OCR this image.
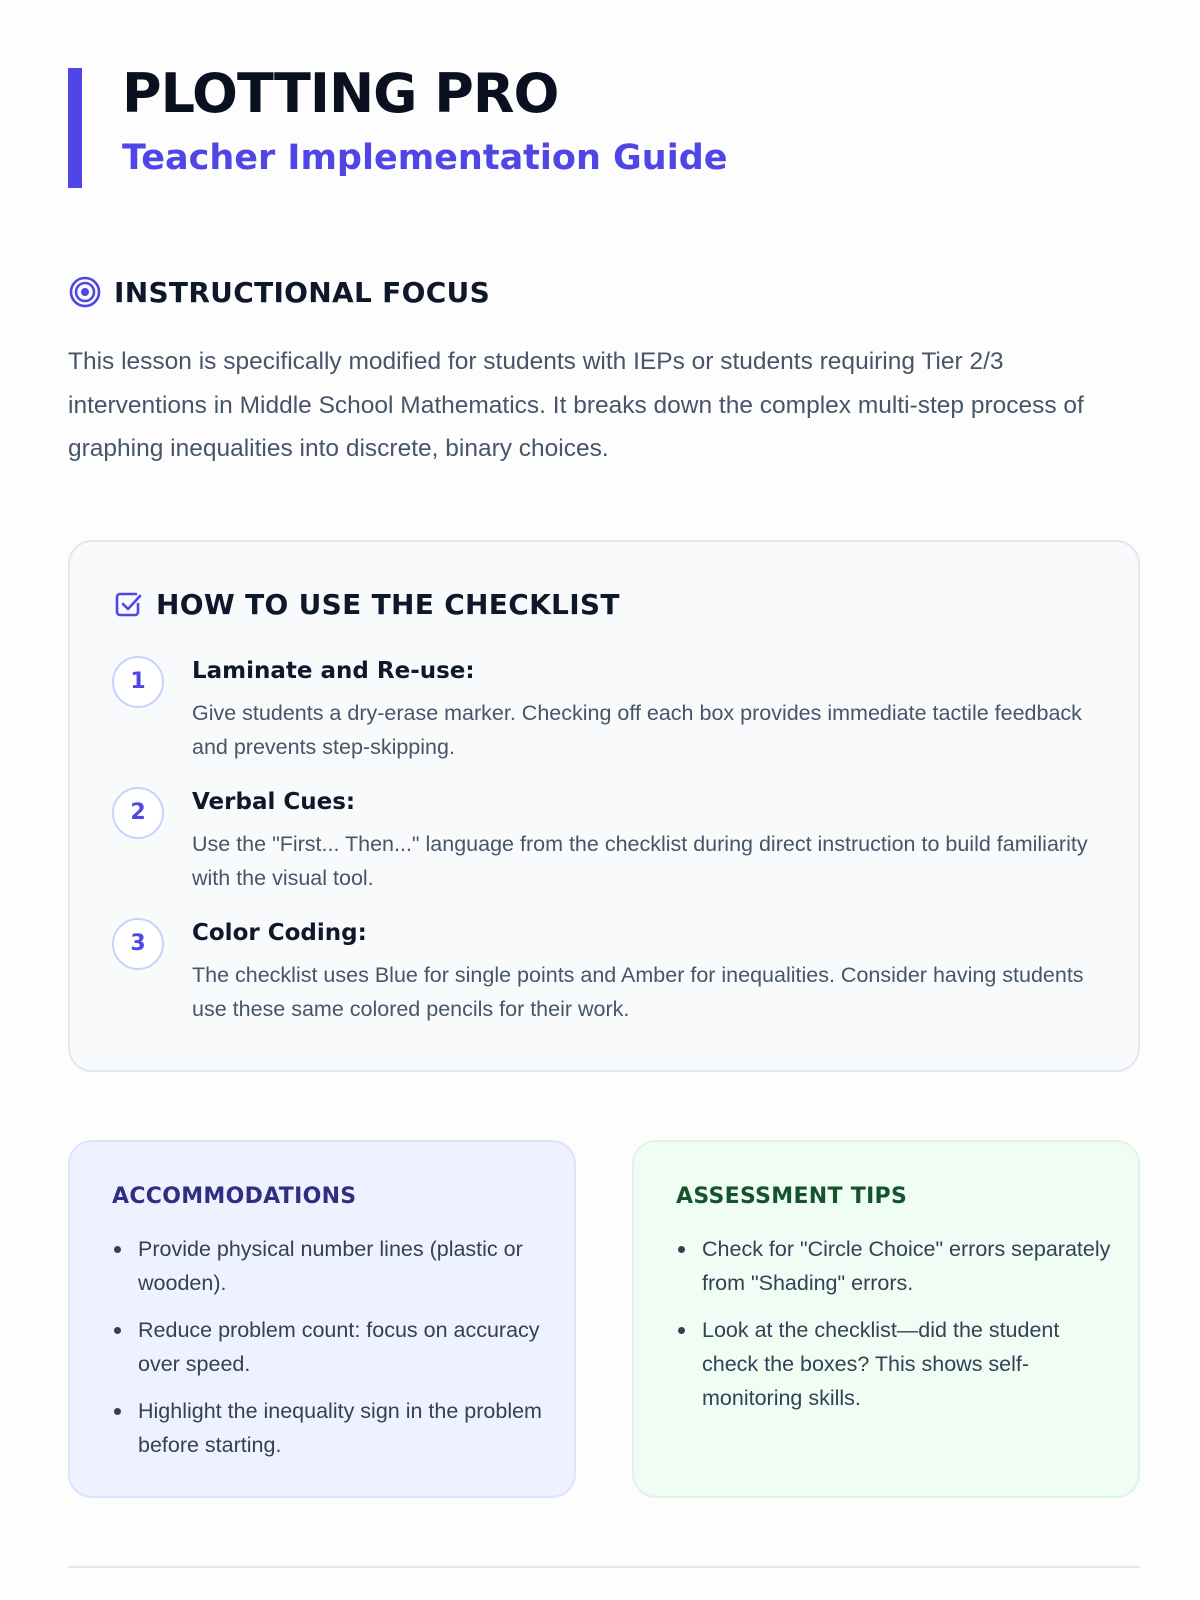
PLOTTING PRO
Teacher Implementation Guide
INSTRUCTIONAL FOCUS

This lesson is specifically modified for students with IEPs or students requiring Tier 2/3 interventions in Middle School Mathematics. It breaks down the complex multi-step process of graphing inequalities into discrete, binary choices.

HOW TO USE THE CHECKLIST
1	Laminate and Re-use:
Give students a dry-erase marker. Checking off each box provides immediate tactile feedback and prevents step-skipping.
2	Verbal Cues:
Use the "First... Then..." language from the checklist during direct instruction to build familiarity with the visual tool.
3	Color Coding:
The checklist uses Blue for single points and Amber for inequalities. Consider having students use these same colored pencils for their work.
ACCOMMODATIONS
Provide physical number lines (plastic or wooden).
Reduce problem count: focus on accuracy over speed.
Highlight the inequality sign in the problem before starting.
ASSESSMENT TIPS
Check for "Circle Choice" errors separately from "Shading" errors.
Look at the checklist—did the student check the boxes? This shows self-monitoring skills.
